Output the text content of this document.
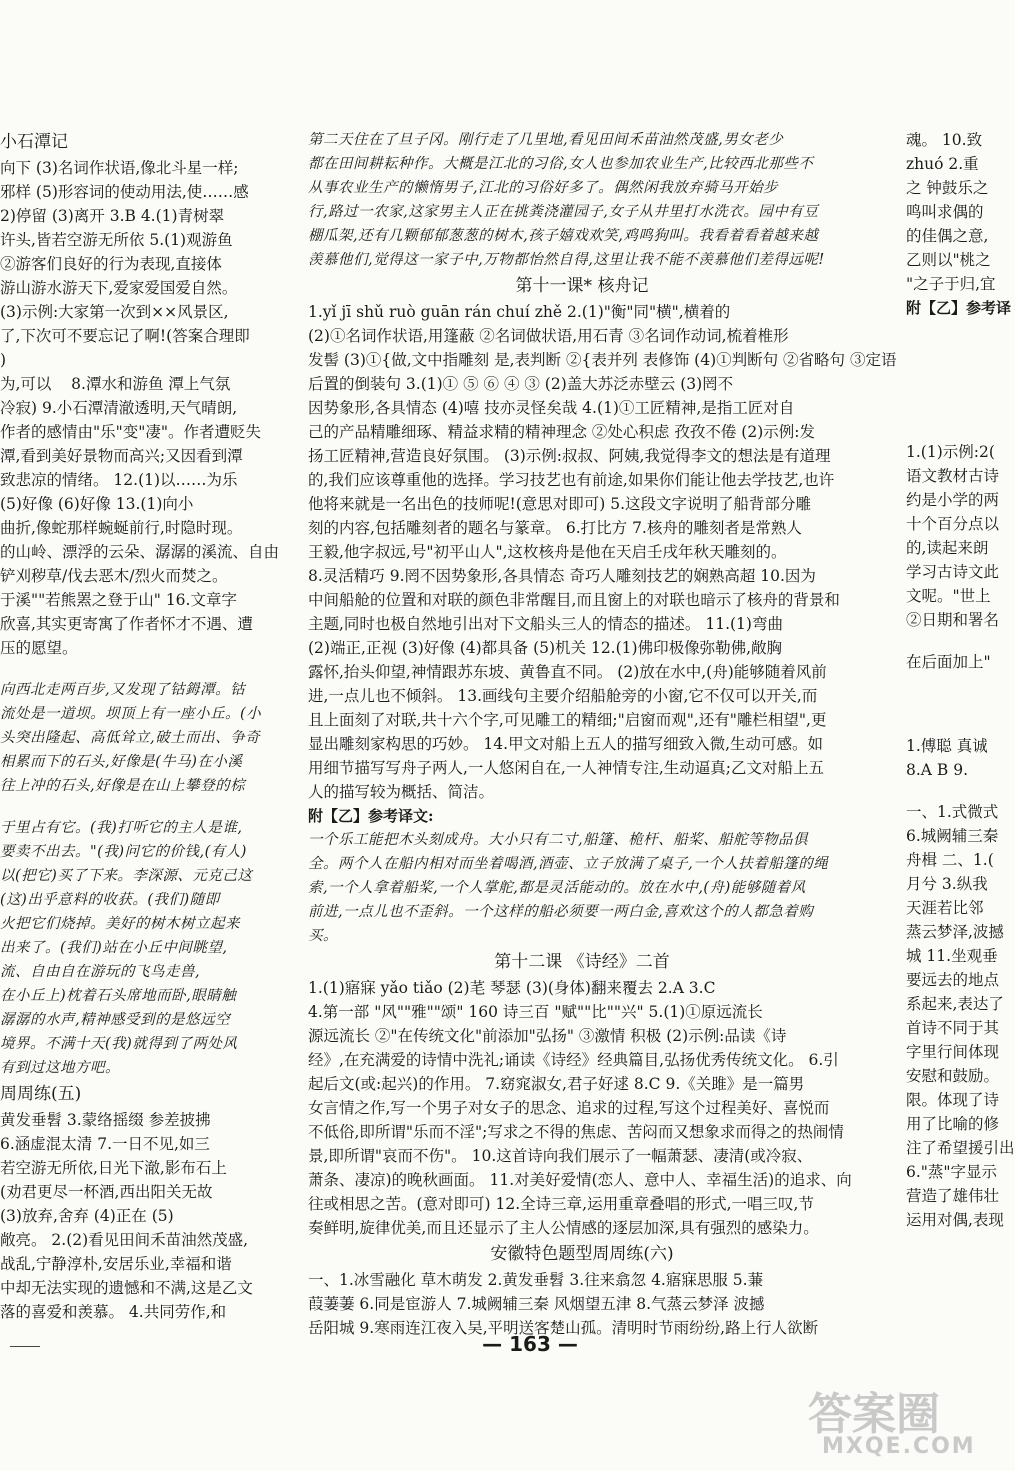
小石潭记
向下 (3)名词作状语,像北斗星一样;
邪样 (5)形容词的使动用法,使……感
2)停留 (3)离开 3.B 4.(1)青树翠
许头,皆若空游无所依 5.(1)观游鱼
②游客们良好的行为表现,直接体
游山游水游天下,爱家爱国爱自然。
(3)示例:大家第一次到××风景区,
了,下次可不要忘记了啊!(答案合理即
)
为,可以 8.潭水和游鱼 潭上气氛
冷寂) 9.小石潭清澈透明,天气晴朗,
作者的感情由"乐"变"凄"。作者遭贬失
潭,看到美好景物而高兴;又因看到潭
致悲凉的情绪。 12.(1)以……为乐
(5)好像 (6)好像 13.(1)向小
曲折,像蛇那样蜿蜒前行,时隐时现。
的山岭、漂浮的云朵、潺潺的溪流、自由
铲刈秽草/伐去恶木/烈火而焚之。
于溪""若熊罴之登于山" 16.文章字
欣喜,其实更寄寓了作者怀才不遇、遭
压的愿望。
向西北走两百步,又发现了钴鉧潭。钴
流处是一道坝。坝顶上有一座小丘。(小
头突出隆起、高低耸立,破土而出、争奇
相累而下的石头,好像是(牛马)在小溪
往上冲的石头,好像是在山上攀登的棕
于里占有它。(我)打听它的主人是谁,
要卖不出去。"(我)问它的价钱,(有人)
以(把它)买了下来。李深源、元克己这
(这)出乎意料的收获。(我们)随即
火把它们烧掉。美好的树木树立起来
出来了。(我们)站在小丘中间眺望,
流、自由自在游玩的飞鸟走兽,
在小丘上)枕着石头席地而卧,眼睛触
潺潺的水声,精神感受到的是悠远空
境界。不满十天(我)就得到了两处风
有到过这地方吧。
周周练(五)
黄发垂髫 3.蒙络摇缀 参差披拂
6.涵虚混太清 7.一日不见,如三
若空游无所依,日光下澈,影布石上
(劝君更尽一杯酒,西出阳关无故
(3)放弃,舍弃 (4)正在 (5)
敞亮。 2.(2)看见田间禾苗油然茂盛,
战乱,宁静淳朴,安居乐业,幸福和谐
中却无法实现的遗憾和不满,这是乙文
落的喜爱和羡慕。 4.共同劳作,和
第二天住在了旦子冈。刚行走了几里地,看见田间禾苗油然茂盛,男女老少
都在田间耕耘种作。大概是江北的习俗,女人也参加农业生产,比较西北那些不
从事农业生产的懒惰男子,江北的习俗好多了。偶然闲我放弃骑马开始步
行,路过一农家,这家男主人正在挑粪浇灌园子,女子从井里打水洗衣。园中有豆
棚瓜架,还有几颗郁郁葱葱的树木,孩子嬉戏欢笑,鸡鸣狗叫。我看着看着越来越
羡慕他们,觉得这一家子中,万物都怡然自得,这里让我不能不羡慕他们差得远呢!
第十一课* 核舟记
1.yǐ jī shǔ ruò guān rán chuí zhě 2.(1)"衡"同"横",横着的
(2)①名词作状语,用篷蔽 ②名词做状语,用石青 ③名词作动词,梳着椎形
发髻 (3)①{做,文中指雕刻 是,表判断 ②{表并列 表修饰 (4)①判断句 ②省略句 ③定语
后置的倒装句 3.(1)① ⑤ ⑥ ④ ③ (2)盖大苏泛赤壁云 (3)罔不
因势象形,各具情态 (4)嘻 技亦灵怪矣哉 4.(1)①工匠精神,是指工匠对自
己的产品精雕细琢、精益求精的精神理念 ②处心积虑 孜孜不倦 (2)示例:发
扬工匠精神,营造良好氛围。 (3)示例:叔叔、阿姨,我觉得李文的想法是有道理
的,我们应该尊重他的选择。学习技艺也有前途,如果你们能让他去学技艺,也许
他将来就是一名出色的技师呢!(意思对即可) 5.这段文字说明了船背部分雕
刻的内容,包括雕刻者的题名与篆章。 6.打比方 7.核舟的雕刻者是常熟人
王毅,他字叔远,号"初平山人",这枚核舟是他在天启壬戌年秋天雕刻的。
8.灵活精巧 9.罔不因势象形,各具情态 奇巧人雕刻技艺的娴熟高超 10.因为
中间船舱的位置和对联的颜色非常醒目,而且窗上的对联也暗示了核舟的背景和
主题,同时也极自然地引出对下文船头三人的情态的描述。 11.(1)弯曲
(2)端正,正视 (3)好像 (4)都具备 (5)机关 12.(1)佛印极像弥勒佛,敞胸
露怀,抬头仰望,神情跟苏东坡、黄鲁直不同。 (2)放在水中,(舟)能够随着风前
进,一点儿也不倾斜。 13.画线句主要介绍船舱旁的小窗,它不仅可以开关,而
且上面刻了对联,共十六个字,可见雕工的精细;"启窗而观",还有"雕栏相望",更
显出雕刻家构思的巧妙。 14.甲文对船上五人的描写细致入微,生动可感。如
用细节描写写舟子两人,一人悠闲自在,一人神情专注,生动逼真;乙文对船上五
人的描写较为概括、简洁。
附【乙】参考译文:
一个乐工能把木头刻成舟。大小只有二寸,船篷、桅杆、船桨、船舵等物品俱
全。两个人在船内相对而坐着喝酒,酒壶、立子放满了桌子,一个人扶着船篷的绳
索,一个人拿着船桨,一个人掌舵,都是灵活能动的。放在水中,(舟)能够随着风
前进,一点儿也不歪斜。一个这样的船必须要一两白金,喜欢这个的人都急着购
买。
第十二课 《诗经》二首
1.(1)寤寐 yǎo tiǎo (2)芼 琴瑟 (3)(身体)翻来覆去 2.A 3.C
4.第一部 "风""雅""颂" 160 诗三百 "赋""比""兴" 5.(1)①原远流长
源远流长 ②"在传统文化"前添加"弘扬" ③激情 积极 (2)示例:品读《诗
经》,在充满爱的诗情中洗礼;诵读《诗经》经典篇目,弘扬优秀传统文化。 6.引
起后文(或:起兴)的作用。 7.窈窕淑女,君子好逑 8.C 9.《关雎》是一篇男
女言情之作,写一个男子对女子的思念、追求的过程,写这个过程美好、喜悦而
不低俗,即所谓"乐而不淫";写求之不得的焦虑、苦闷而又想象求而得之的热闹情
景,即所谓"哀而不伤"。 10.这首诗向我们展示了一幅萧瑟、凄清(或冷寂、
萧条、凄凉)的晚秋画面。 11.对美好爱情(恋人、意中人、幸福生活)的追求、向
往或相思之苦。(意对即可) 12.全诗三章,运用重章叠唱的形式,一唱三叹,节
奏鲜明,旋律优美,而且还显示了主人公情感的逐层加深,具有强烈的感染力。
安徽特色题型周周练(六)
一、1.冰雪融化 草木萌发 2.黄发垂髫 3.往来翕忽 4.寤寐思服 5.蒹
葭萋萋 6.同是宦游人 7.城阙辅三秦 风烟望五津 8.气蒸云梦泽 波撼
岳阳城 9.寒雨连江夜入吴,平明送客楚山孤。清明时节雨纷纷,路上行人欲断
魂。 10.致
zhuó 2.重
之 钟鼓乐之
鸣叫求偶的
的佳偶之意,
乙则以"桃之
"之子于归,宜
附【乙】参考译
1.(1)示例:2(
语文教材古诗
约是小学的两
十个百分点以
的,读起来朗
学习古诗文此
文呢。"世上
②日期和署名
在后面加上"
1.傅聪 真诚
8.A B 9.
一、1.式微式
6.城阙辅三秦
舟楫 二、1.(
月兮 3.纵我
天涯若比邻
蒸云梦泽,波撼
城 11.坐观垂
要远去的地点
系起来,表达了
首诗不同于其
字里行间体现
安慰和鼓励。
限。体现了诗
用了比喻的修
注了希望援引出
6."蒸"字显示
营造了雄伟壮
运用对偶,表现
— 163 —
答案圈
MXQE.COM
